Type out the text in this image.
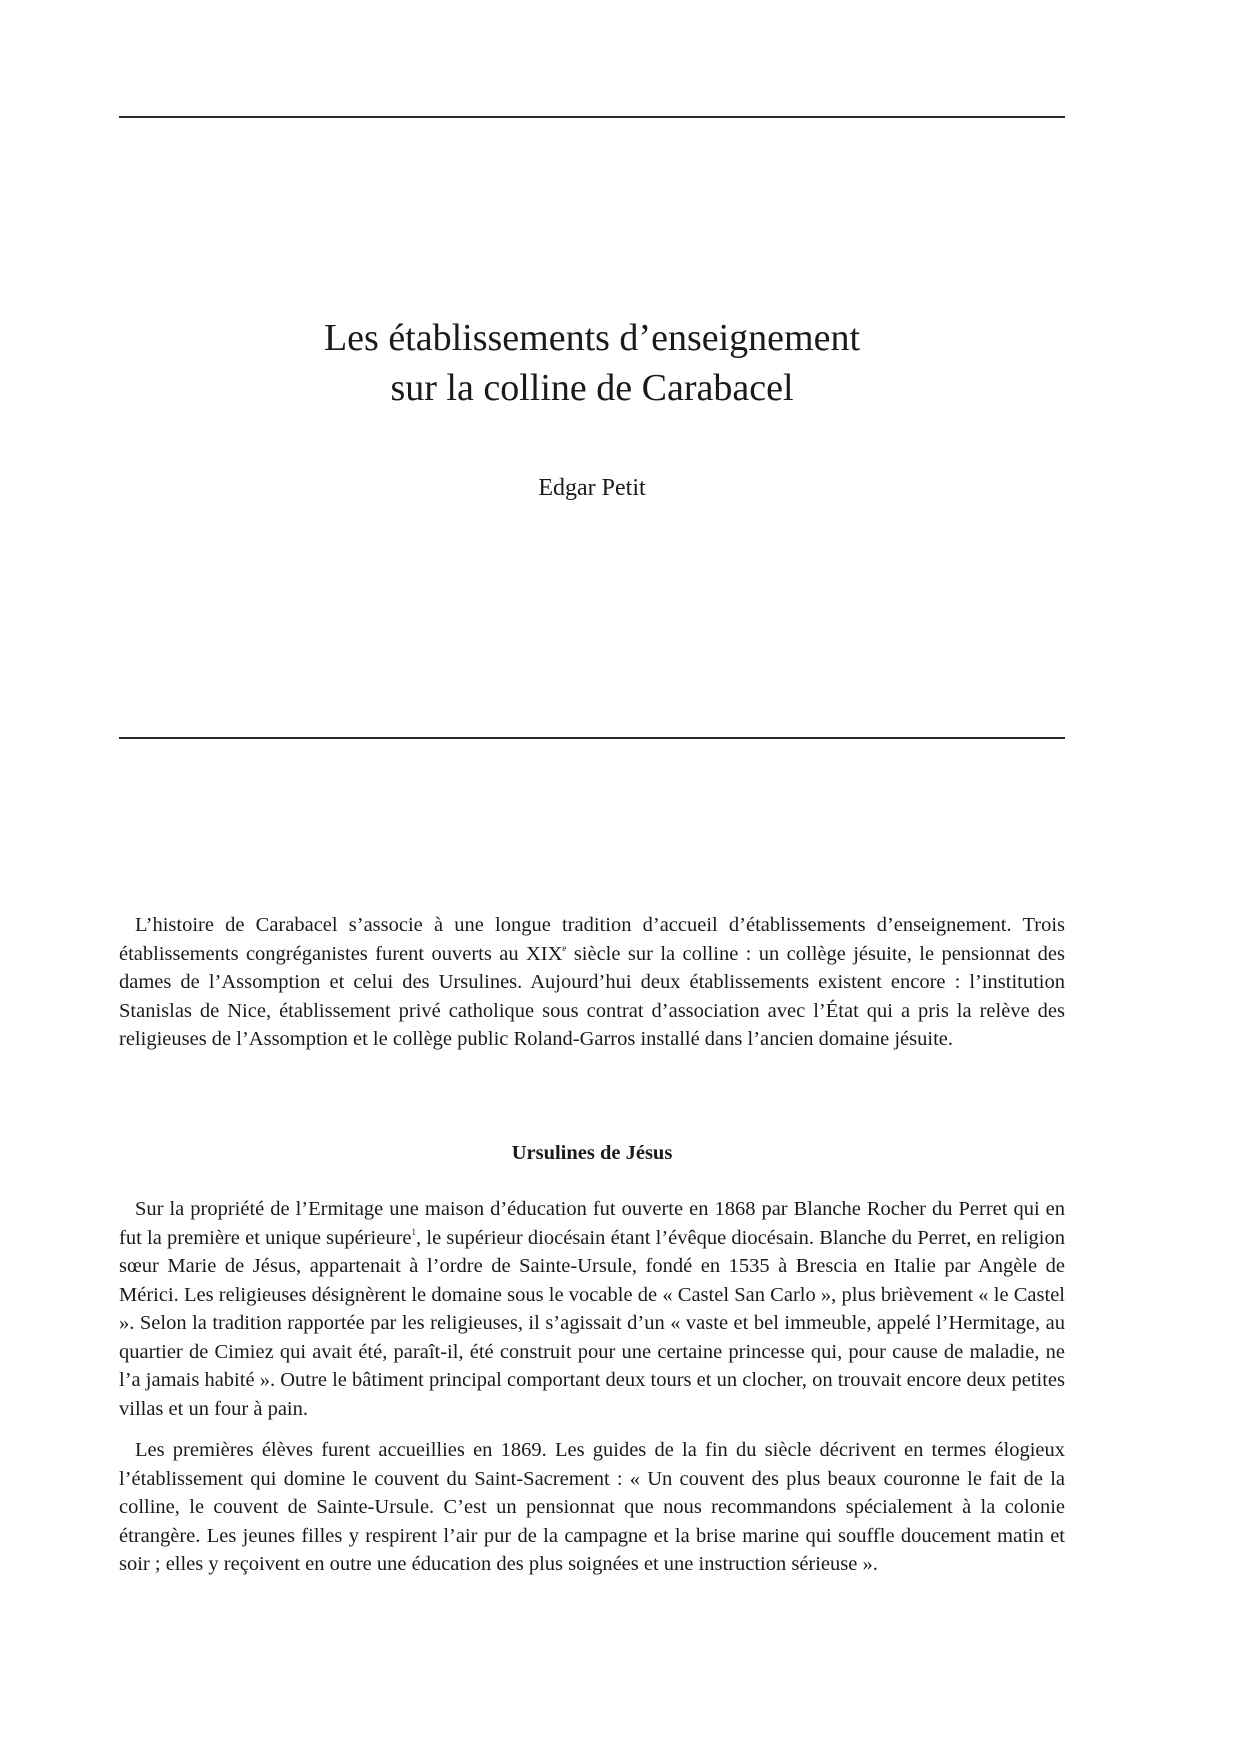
Les établissements d’enseignement
sur la colline de Carabacel

Edgar Petit

L’histoire de Carabacel s’associe à une longue tradition d’accueil d’établissements d’enseignement. Trois établissements congréganistes furent ouverts au XIXe siècle sur la colline : un collège jésuite, le pensionnat des dames de l’Assomption et celui des Ursulines. Aujourd’hui deux établissements existent encore : l’institution Stanislas de Nice, établissement privé catholique sous contrat d’association avec l’État qui a pris la relève des religieuses de l’Assomption et le collège public Roland-Garros installé dans l’ancien domaine jésuite.

Ursulines de Jésus

Sur la propriété de l’Ermitage une maison d’éducation fut ouverte en 1868 par Blanche Rocher du Perret qui en fut la première et unique supérieure$^1$, le supérieur diocésain étant l’évêque diocésain. Blanche du Perret, en religion sœur Marie de Jésus, appartenait à l’ordre de Sainte-Ursule, fondé en 1535 à Brescia en Italie par Angèle de Mérici. Les religieuses désignèrent le domaine sous le vocable de « Castel San Carlo », plus brièvement « le Castel ». Selon la tradition rapportée par les religieuses, il s’agissait d’un « vaste et bel immeuble, appelé l’Hermitage, au quartier de Cimiez qui avait été, paraît-il, été construit pour une certaine princesse qui, pour cause de maladie, ne l’a jamais habité ». Outre le bâtiment principal comportant deux tours et un clocher, on trouvait encore deux petites villas et un four à pain.

Les premières élèves furent accueillies en 1869. Les guides de la fin du siècle décrivent en termes élogieux l’établissement qui domine le couvent du Saint-Sacrement : « Un couvent des plus beaux couronne le fait de la colline, le couvent de Sainte-Ursule. C’est un pensionnat que nous recommandons spécialement à la colonie étrangère. Les jeunes filles y respirent l’air pur de la campagne et la brise marine qui souffle doucement matin et soir ; elles y reçoivent en outre une éducation des plus soignées et une instruction sérieuse ».
